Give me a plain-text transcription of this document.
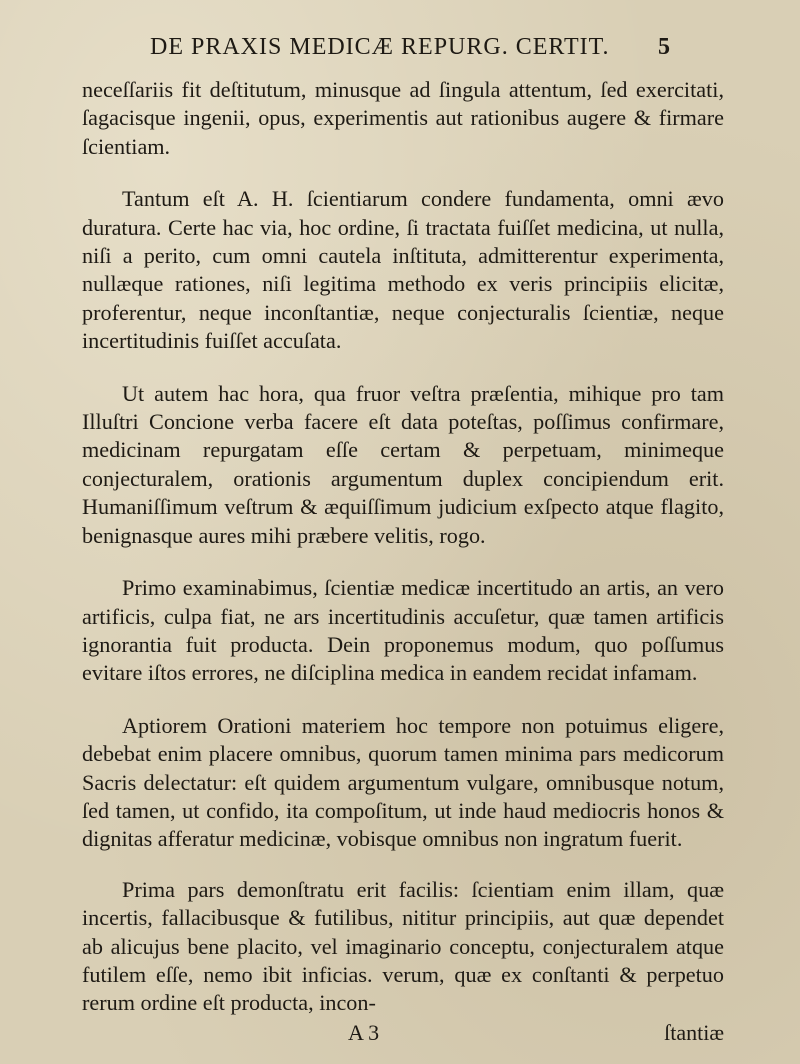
DE PRAXIS MEDICÆ REPURG. CERTIT. 5

neceſſariis fit deſtitutum, minusque ad ſingula attentum, ſed exercitati, ſagacisque ingenii, opus, experimentis aut rationibus augere & firmare ſcientiam.

Tantum eſt A. H. ſcientiarum condere fundamenta, omni ævo duratura. Certe hac via, hoc ordine, ſi tractata fuiſſet medicina, ut nulla, niſi a perito, cum omni cautela inſtituta, admitterentur experimenta, nullæque rationes, niſi legitima methodo ex veris principiis elicitæ, proferentur, neque inconſtantiæ, neque conjecturalis ſcientiæ, neque incertitudinis fuiſſet accuſata.

Ut autem hac hora, qua fruor veſtra præſentia, mihique pro tam Illuſtri Concione verba facere eſt data poteſtas, poſſimus confirmare, medicinam repurgatam eſſe certam & perpetuam, minimeque conjecturalem, orationis argumentum duplex concipiendum erit. Humaniſſimum veſtrum & æquiſſimum judicium exſpecto atque flagito, benignasque aures mihi præbere velitis, rogo.

Primo examinabimus, ſcientiæ medicæ incertitudo an artis, an vero artificis, culpa fiat, ne ars incertitudinis accuſetur, quæ tamen artificis ignorantia fuit producta. Dein proponemus modum, quo poſſumus evitare iſtos errores, ne diſciplina medica in eandem recidat infamam.

Aptiorem Orationi materiem hoc tempore non potuimus eligere, debebat enim placere omnibus, quorum tamen minima pars medicorum Sacris delectatur: eſt quidem argumentum vulgare, omnibusque notum, ſed tamen, ut confido, ita compoſitum, ut inde haud mediocris honos & dignitas afferatur medicinæ, vobisque omnibus non ingratum fuerit.

Prima pars demonſtratu erit facilis: ſcientiam enim illam, quæ incertis, fallacibusque & futilibus, nititur principiis, aut quæ dependet ab alicujus bene placito, vel imaginario conceptu, conjecturalem atque futilem eſſe, nemo ibit inficias. verum, quæ ex conſtanti & perpetuo rerum ordine eſt producta, incon-

A 3	ſtantiæ
